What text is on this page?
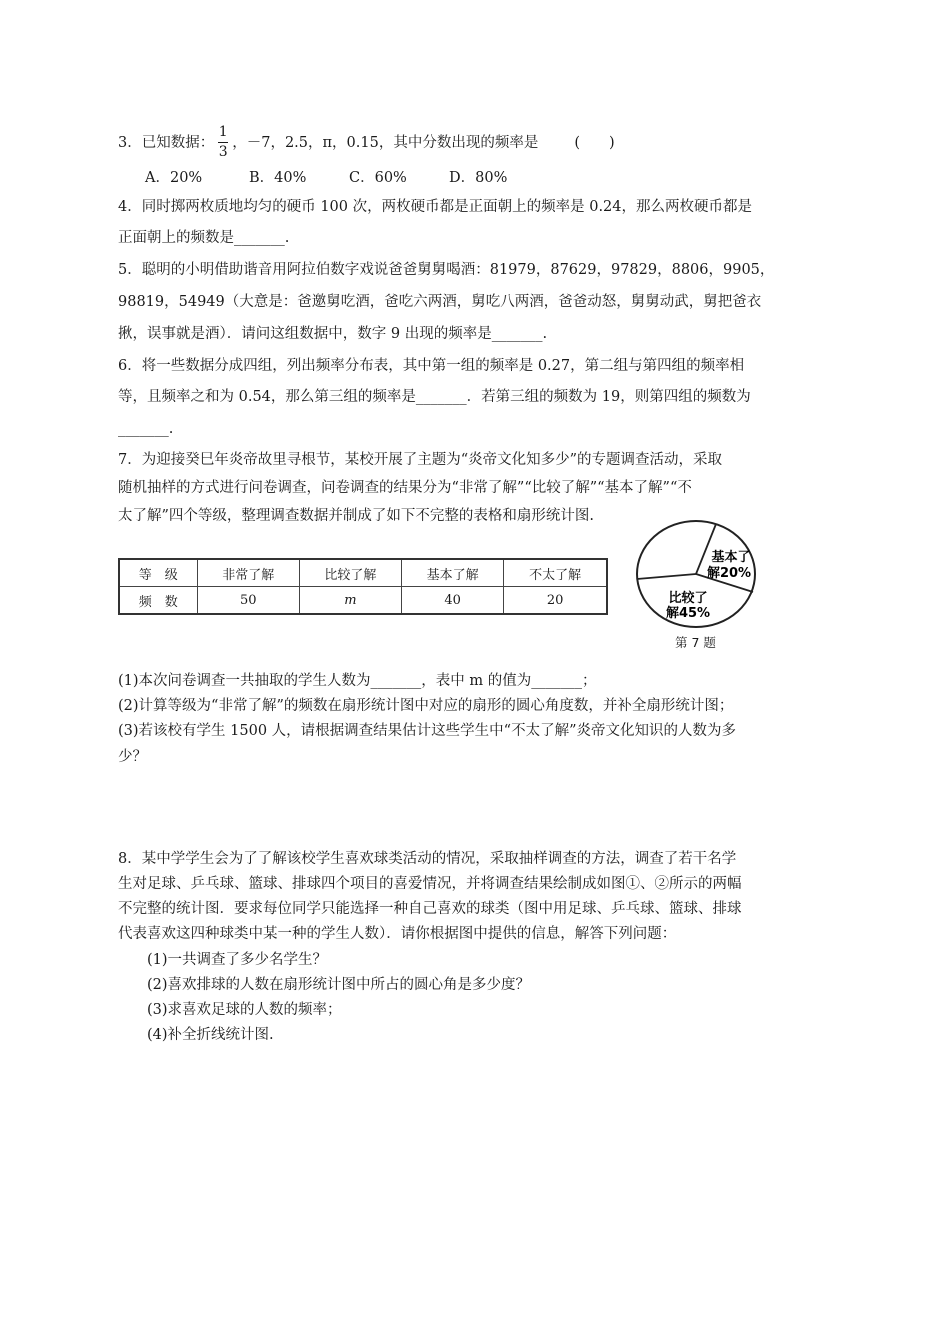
3．已知数据： $\frac{1}{3}$ ，－7，2.5，π，0.15，其中分数出现的频率是 (　　)
A．20%	B．40%	C．60%	D．80%
4．同时掷两枚质地均匀的硬币 100 次，两枚硬币都是正面朝上的频率是 0.24，那么两枚硬币都是
正面朝上的频数是_______.
5．聪明的小明借助谐音用阿拉伯数字戏说爸爸舅舅喝酒：81979，87629，97829，8806，9905，
98819，54949（大意是：爸邀舅吃酒，爸吃六两酒，舅吃八两酒，爸爸动怒，舅舅动武，舅把爸衣
揪，误事就是酒）．请问这组数据中，数字 9 出现的频率是_______.
6．将一些数据分成四组，列出频率分布表，其中第一组的频率是 0.27，第二组与第四组的频率相
等，且频率之和为 0.54，那么第三组的频率是_______．若第三组的频数为 19，则第四组的频数为
_______.
7．为迎接癸巳年炎帝故里寻根节，某校开展了主题为“炎帝文化知多少”的专题调查活动，采取
随机抽样的方式进行问卷调查，问卷调查的结果分为“非常了解”“比较了解”“基本了解”“不
太了解”四个等级，整理调查数据并制成了如下不完整的表格和扇形统计图.
等　级	非常了解	比较了解	基本了解	不太了解
频　数	50	m	40	20
基本了
解20%
比较了
解45%
第 7 题
(1)本次问卷调查一共抽取的学生人数为_______，表中 m 的值为_______；
(2)计算等级为“非常了解”的频数在扇形统计图中对应的扇形的圆心角度数，并补全扇形统计图；
(3)若该校有学生 1500 人，请根据调查结果估计这些学生中“不太了解”炎帝文化知识的人数为多
少？
8．某中学学生会为了了解该校学生喜欢球类活动的情况，采取抽样调查的方法，调查了若干名学
生对足球、乒乓球、篮球、排球四个项目的喜爱情况，并将调查结果绘制成如图①、②所示的两幅
不完整的统计图．要求每位同学只能选择一种自己喜欢的球类（图中用足球、乒乓球、篮球、排球
代表喜欢这四种球类中某一种的学生人数）．请你根据图中提供的信息，解答下列问题：
(1)一共调查了多少名学生？
(2)喜欢排球的人数在扇形统计图中所占的圆心角是多少度？
(3)求喜欢足球的人数的频率；
(4)补全折线统计图.
